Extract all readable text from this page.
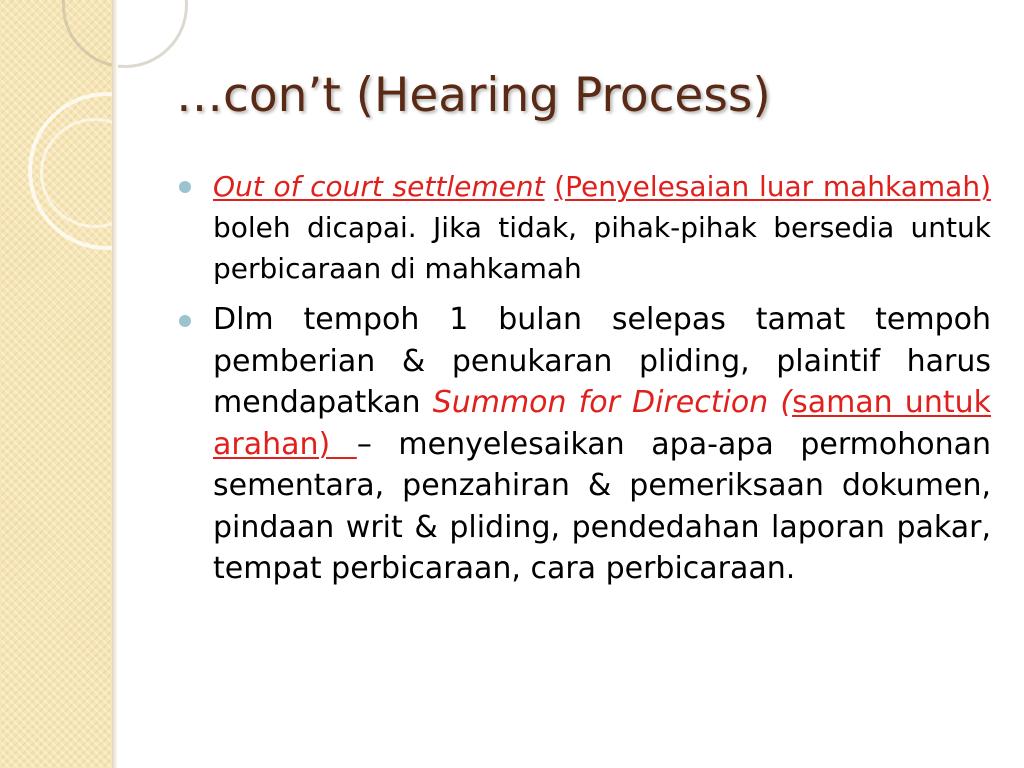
…con’t (Hearing Process)
Out of court settlement (Penyelesaian luar mahkamah) boleh dicapai. Jika tidak, pihak-pihak bersedia untuk perbicaraan di mahkamah
Dlm tempoh 1 bulan selepas tamat tempoh pemberian & penukaran pliding, plaintif harus mendapatkan Summon for Direction (saman untuk arahan) – menyelesaikan apa-apa permohonan sementara, penzahiran & pemeriksaan dokumen, pindaan writ & pliding, pendedahan laporan pakar, tempat perbicaraan, cara perbicaraan.
